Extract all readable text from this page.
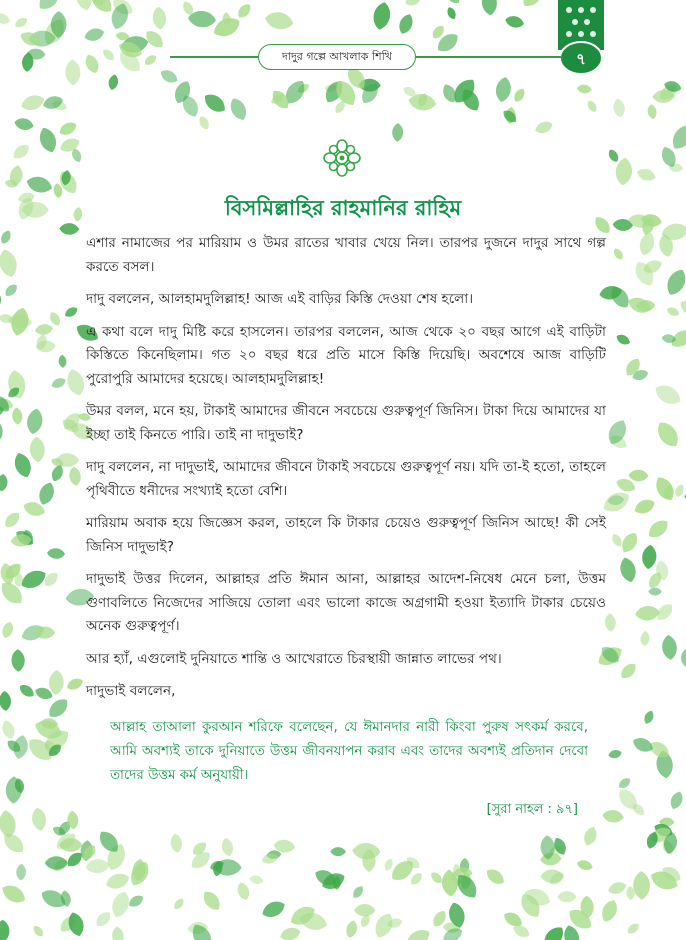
৭
দাদুর গল্পে আখলাক শিখি
বিসমিল্লাহির রাহমানির রাহিম

এশার নামাজের পর মারিয়াম ও উমর রাতের খাবার খেয়ে নিল। তারপর দুজনে দাদুর সাথে গল্প করতে বসল।

দাদু বললেন, আলহামদুলিল্লাহ! আজ এই বাড়ির কিস্তি দেওয়া শেষ হলো।

এ কথা বলে দাদু মিষ্টি করে হাসলেন। তারপর বললেন, আজ থেকে ২০ বছর আগে এই বাড়িটা কিস্তিতে কিনেছিলাম। গত ২০ বছর ধরে প্রতি মাসে কিস্তি দিয়েছি। অবশেষে আজ বাড়িটি পুরোপুরি আমাদের হয়েছে। আলহামদুলিল্লাহ!

উমর বলল, মনে হয়, টাকাই আমাদের জীবনে সবচেয়ে গুরুত্বপূর্ণ জিনিস। টাকা দিয়ে আমাদের যা ইচ্ছা তাই কিনতে পারি। তাই না দাদুভাই?

দাদু বললেন, না দাদুভাই, আমাদের জীবনে টাকাই সবচেয়ে গুরুত্বপূর্ণ নয়। যদি তা-ই হতো, তাহলে পৃথিবীতে ধনীদের সংখ্যাই হতো বেশি।

মারিয়াম অবাক হয়ে জিজ্ঞেস করল, তাহলে কি টাকার চেয়েও গুরুত্বপূর্ণ জিনিস আছে! কী সেই জিনিস দাদুভাই?

দাদুভাই উত্তর দিলেন, আল্লাহর প্রতি ঈমান আনা, আল্লাহর আদেশ-নিষেধ মেনে চলা, উত্তম গুণাবলিতে নিজেদের সাজিয়ে তোলা এবং ভালো কাজে অগ্রগামী হওয়া ইত্যাদি টাকার চেয়েও অনেক গুরুত্বপূর্ণ।

আর হ্যাঁ, এগুলোই দুনিয়াতে শান্তি ও আখেরাতে চিরস্থায়ী জান্নাত লাভের পথ।

দাদুভাই বললেন,

আল্লাহ তাআলা কুরআন শরিফে বলেছেন, যে ঈমানদার নারী কিংবা পুরুষ সৎকর্ম করবে, আমি অবশ্যই তাকে দুনিয়াতে উত্তম জীবনযাপন করাব এবং তাদের অবশ্যই প্রতিদান দেবো তাদের উত্তম কর্ম অনুযায়ী।

[সুরা নাহল : ৯৭]
